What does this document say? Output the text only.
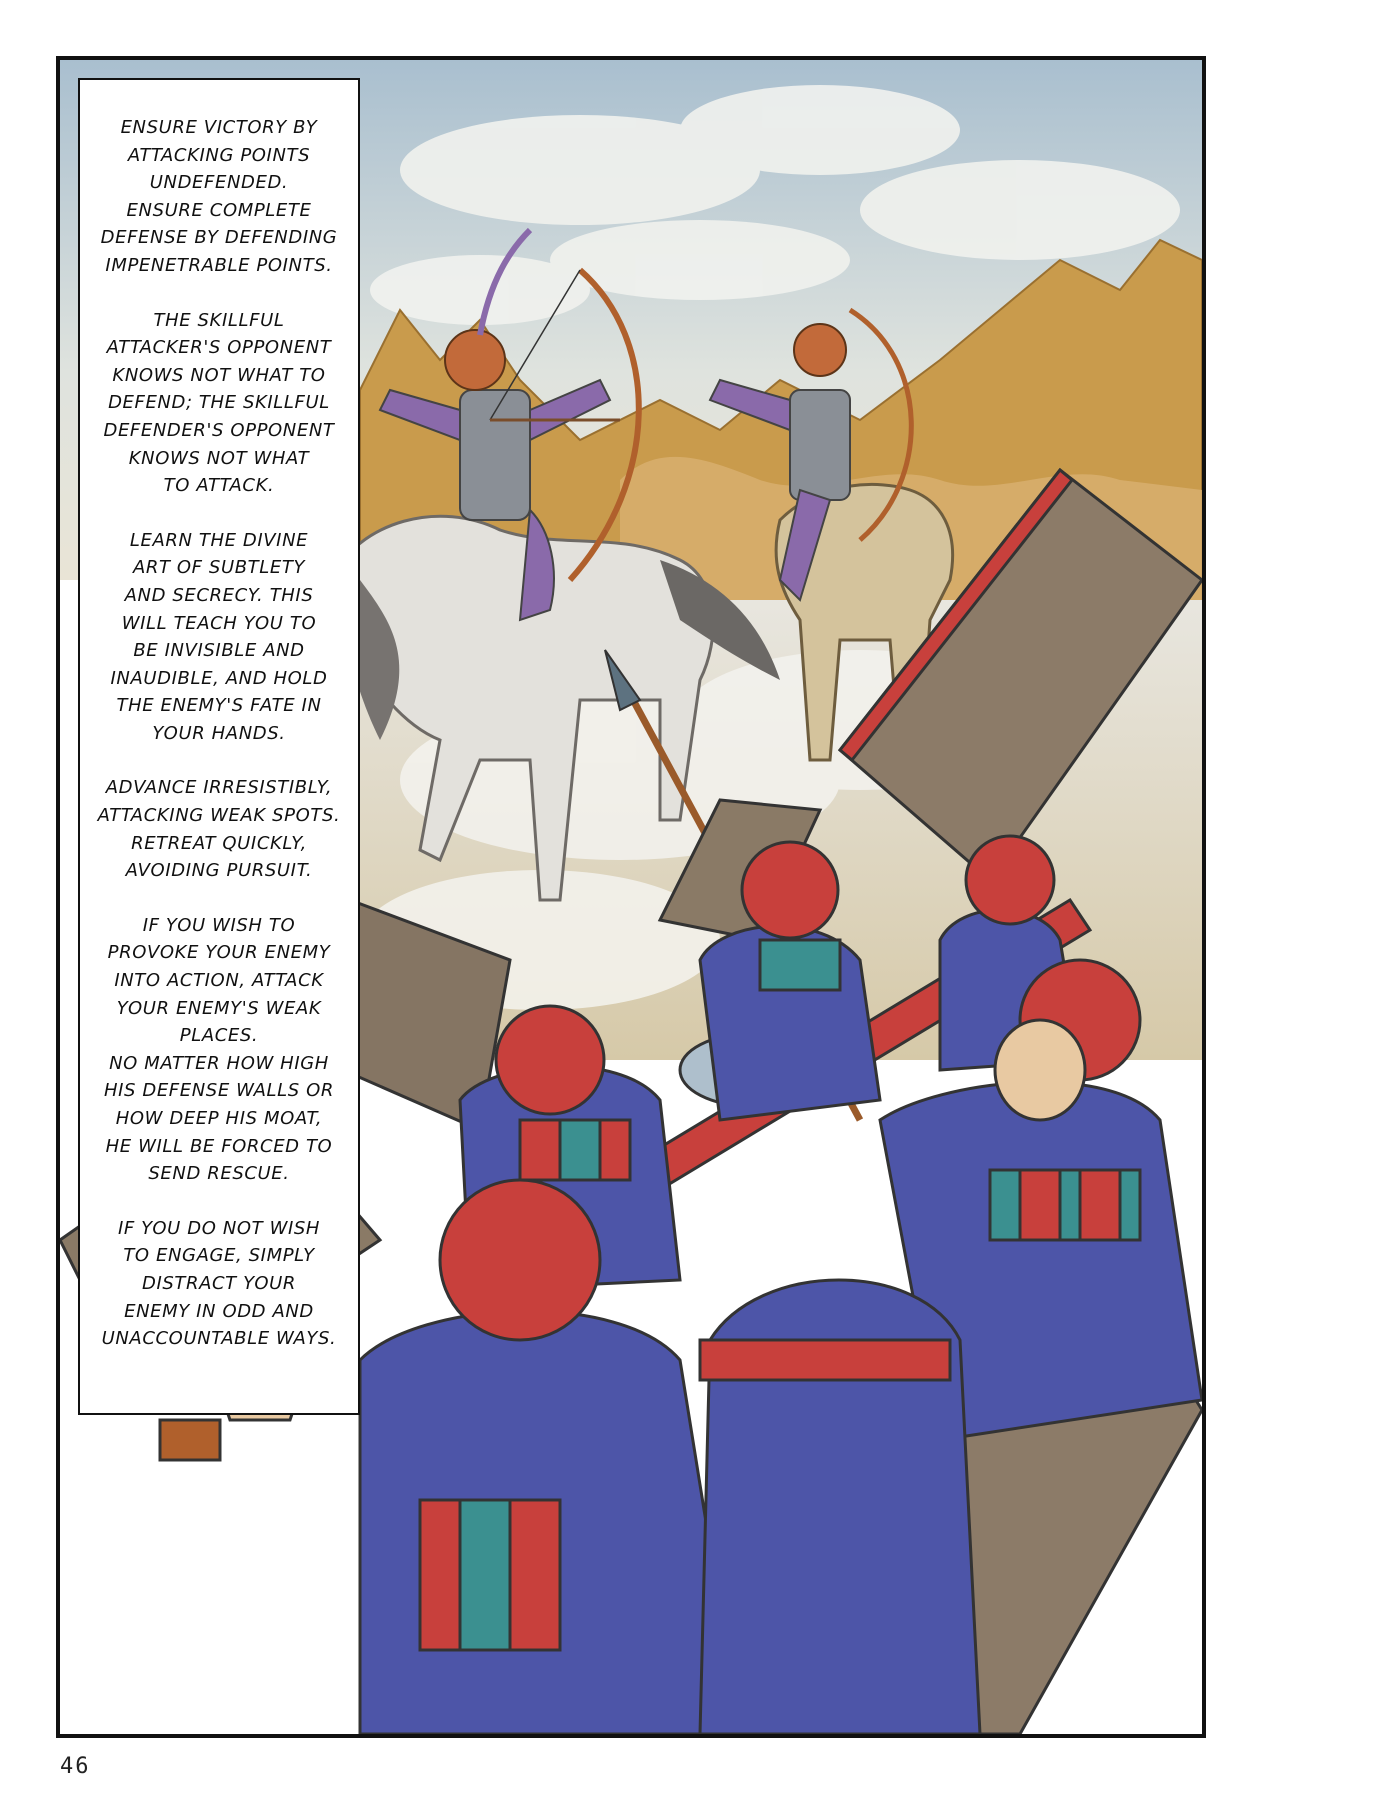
ENSURE VICTORY BY
ATTACKING POINTS
UNDEFENDED.
ENSURE COMPLETE
DEFENSE BY DEFENDING
IMPENETRABLE POINTS.
THE SKILLFUL
ATTACKER'S OPPONENT
KNOWS NOT WHAT TO
DEFEND; THE SKILLFUL
DEFENDER'S OPPONENT
KNOWS NOT WHAT
TO ATTACK.
LEARN THE DIVINE
ART OF SUBTLETY
AND SECRECY. THIS
WILL TEACH YOU TO
BE INVISIBLE AND
INAUDIBLE, AND HOLD
THE ENEMY'S FATE IN
YOUR HANDS.
ADVANCE IRRESISTIBLY,
ATTACKING WEAK SPOTS.
RETREAT QUICKLY,
AVOIDING PURSUIT.
IF YOU WISH TO
PROVOKE YOUR ENEMY
INTO ACTION, ATTACK
YOUR ENEMY'S WEAK
PLACES.
NO MATTER HOW HIGH
HIS DEFENSE WALLS OR
HOW DEEP HIS MOAT,
HE WILL BE FORCED TO
SEND RESCUE.
IF YOU DO NOT WISH
TO ENGAGE, SIMPLY
DISTRACT YOUR
ENEMY IN ODD AND
UNACCOUNTABLE WAYS.
46
